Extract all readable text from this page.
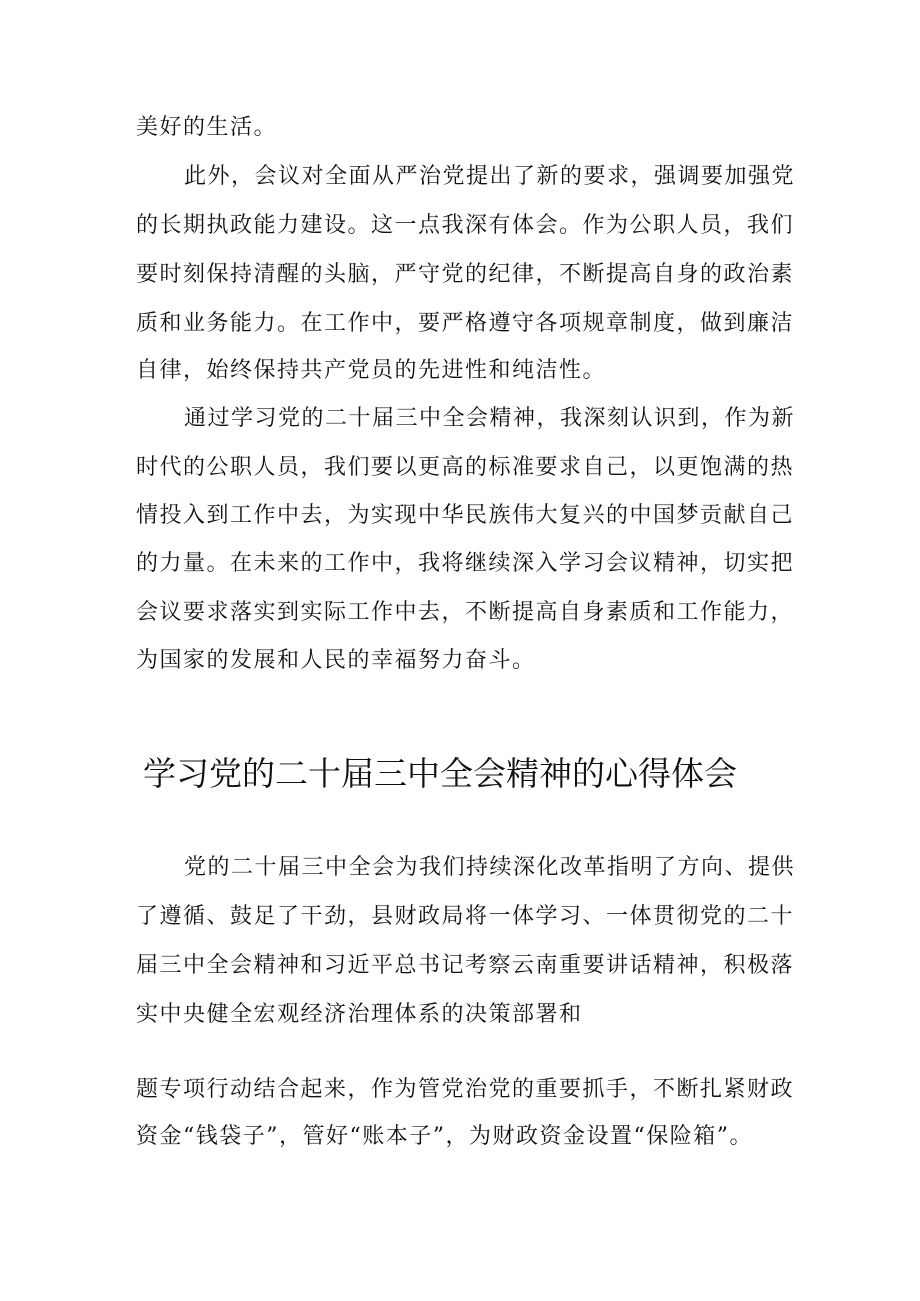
美好的生活。
此外，会议对全面从严治党提出了新的要求，强调要加强党
的长期执政能力建设。这一点我深有体会。作为公职人员，我们
要时刻保持清醒的头脑，严守党的纪律，不断提高自身的政治素
质和业务能力。在工作中，要严格遵守各项规章制度，做到廉洁
自律，始终保持共产党员的先进性和纯洁性。
通过学习党的二十届三中全会精神，我深刻认识到，作为新
时代的公职人员，我们要以更高的标准要求自己，以更饱满的热
情投入到工作中去，为实现中华民族伟大复兴的中国梦贡献自己
的力量。在未来的工作中，我将继续深入学习会议精神，切实把
会议要求落实到实际工作中去，不断提高自身素质和工作能力，
为国家的发展和人民的幸福努力奋斗。
学习党的二十届三中全会精神的心得体会
党的二十届三中全会为我们持续深化改革指明了方向、提供
了遵循、鼓足了干劲，县财政局将一体学习、一体贯彻党的二十
届三中全会精神和习近平总书记考察云南重要讲话精神，积极落
实中央健全宏观经济治理体系的决策部署和
题专项行动结合起来，作为管党治党的重要抓手，不断扎紧财政
资金“钱袋子”，管好“账本子”，为财政资金设置“保险箱”。
